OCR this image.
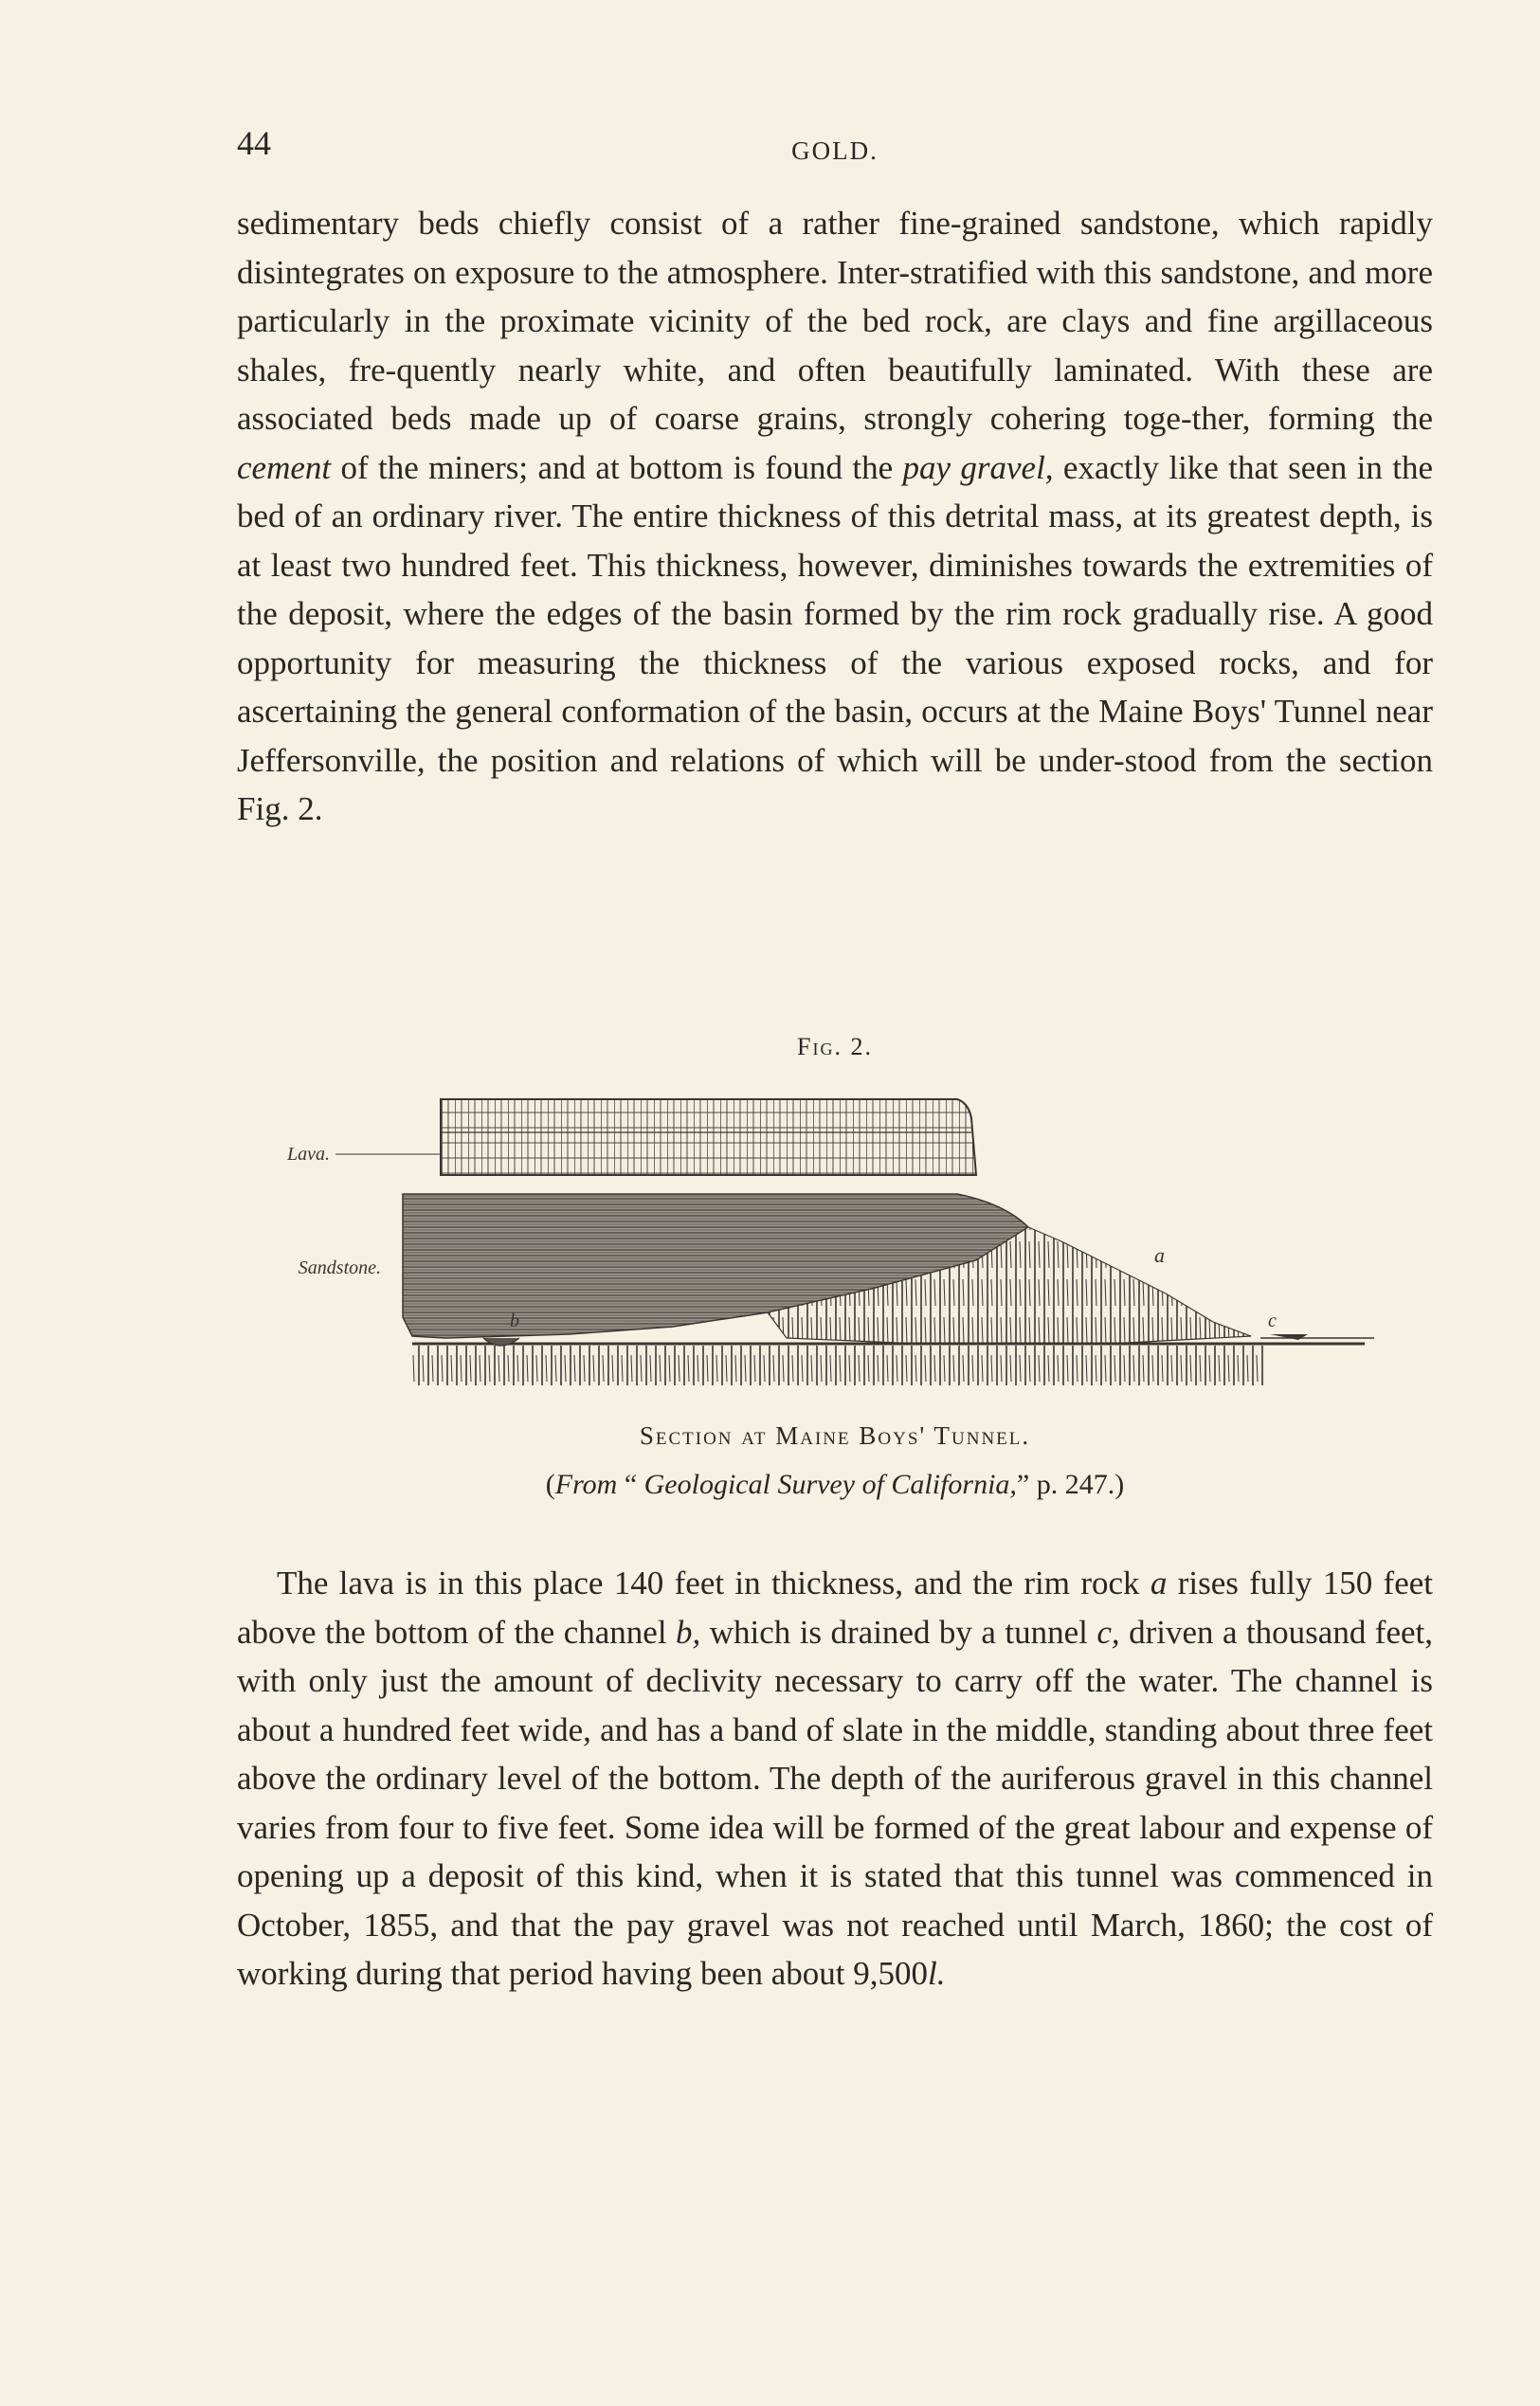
44	GOLD.

sedimentary beds chiefly consist of a rather fine-grained sandstone, which rapidly disintegrates on exposure to the atmosphere. Inter-stratified with this sandstone, and more particularly in the proximate vicinity of the bed rock, are clays and fine argillaceous shales, fre-quently nearly white, and often beautifully laminated. With these are associated beds made up of coarse grains, strongly cohering toge-ther, forming the cement of the miners; and at bottom is found the pay gravel, exactly like that seen in the bed of an ordinary river. The entire thickness of this detrital mass, at its greatest depth, is at least two hundred feet. This thickness, however, diminishes towards the extremities of the deposit, where the edges of the basin formed by the rim rock gradually rise. A good opportunity for measuring the thickness of the various exposed rocks, and for ascertaining the general conformation of the basin, occurs at the Maine Boys' Tunnel near Jeffersonville, the position and relations of which will be under-stood from the section Fig. 2.

Fig. 2.
Lava.
Sandstone.
b
a
c
Section at Maine Boys' Tunnel.
(From “ Geological Survey of California,” p. 247.)

The lava is in this place 140 feet in thickness, and the rim rock a rises fully 150 feet above the bottom of the channel b, which is drained by a tunnel c, driven a thousand feet, with only just the amount of declivity necessary to carry off the water. The channel is about a hundred feet wide, and has a band of slate in the middle, standing about three feet above the ordinary level of the bottom. The depth of the auriferous gravel in this channel varies from four to five feet. Some idea will be formed of the great labour and expense of opening up a deposit of this kind, when it is stated that this tunnel was commenced in October, 1855, and that the pay gravel was not reached until March, 1860; the cost of working during that period having been about 9,500l.
